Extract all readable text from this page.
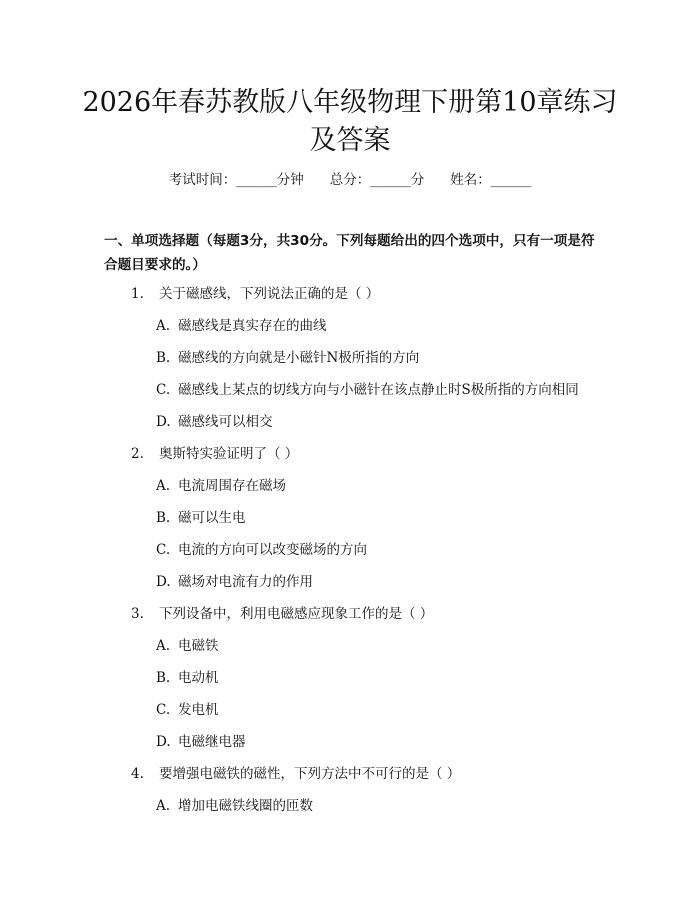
2026年春苏教版八年级物理下册第10章练习及答案
考试时间：______分钟 总分：______分 姓名：______

一、单项选择题（每题3分，共30分。下列每题给出的四个选项中，只有一项是符合题目要求的。）

1. 关于磁感线，下列说法正确的是（ ）
A. 磁感线是真实存在的曲线
B. 磁感线的方向就是小磁针N极所指的方向
C. 磁感线上某点的切线方向与小磁针在该点静止时S极所指的方向相同
D. 磁感线可以相交
2. 奥斯特实验证明了（ ）
A. 电流周围存在磁场
B. 磁可以生电
C. 电流的方向可以改变磁场的方向
D. 磁场对电流有力的作用
3. 下列设备中，利用电磁感应现象工作的是（ ）
A. 电磁铁
B. 电动机
C. 发电机
D. 电磁继电器
4. 要增强电磁铁的磁性，下列方法中不可行的是（ ）
A. 增加电磁铁线圈的匝数
